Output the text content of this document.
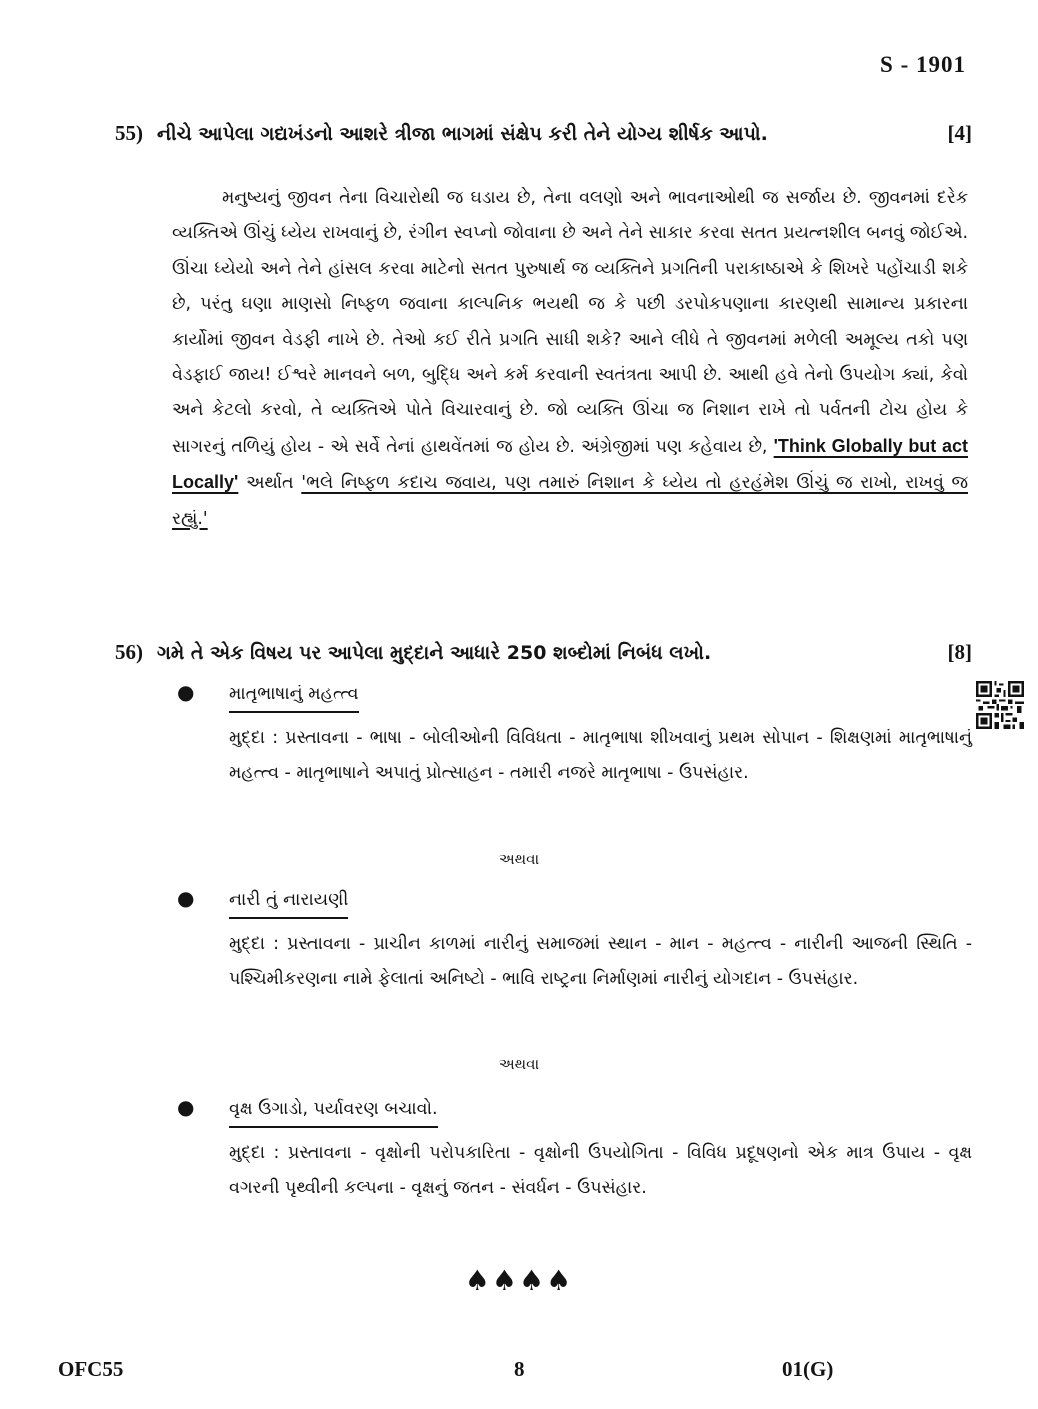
S - 1901
55) નીચે આપેલા ગદ્યખંડનો આશરે ત્રીજા ભાગમાં સંક્ષેપ કરી તેને યોગ્ય શીર્ષક આપો.	[4]

મનુષ્યનું જીવન તેના વિચારોથી જ ઘડાય છે, તેના વલણો અને ભાવનાઓથી જ સર્જાય છે. જીવનમાં દરેક વ્યક્તિએ ઊંચું ધ્યેય રાખવાનું છે, રંગીન સ્વપ્નો જોવાના છે અને તેને સાકાર કરવા સતત પ્રયત્નશીલ બનવું જોઈએ. ઊંચા ધ્યેયો અને તેને હાંસલ કરવા માટેનો સતત પુરુષાર્થ જ વ્યક્તિને પ્રગતિની પરાકાષ્ઠાએ કે શિખરે પહોંચાડી શકે છે, પરંતુ ઘણા માણસો નિષ્ફળ જવાના કાલ્પનિક ભયથી જ કે પછી ડરપોકપણાના કારણથી સામાન્ય પ્રકારના કાર્યોમાં જીવન વેડફી નાખે છે. તેઓ કઈ રીતે પ્રગતિ સાધી શકે? આને લીધે તે જીવનમાં મળેલી અમૂલ્ય તકો પણ વેડફાઈ જાય! ઈશ્વરે માનવને બળ, બુદ્ધિ અને કર્મ કરવાની સ્વતંત્રતા આપી છે. આથી હવે તેનો ઉપયોગ ક્યાં, કેવો અને કેટલો કરવો, તે વ્યક્તિએ પોતે વિચારવાનું છે. જો વ્યક્તિ ઊંચા જ નિશાન રાખે તો પર્વતની ટોચ હોય કે સાગરનું તળિયું હોય - એ સર્વે તેનાં હાથવેંતમાં જ હોય છે. અંગ્રેજીમાં પણ કહેવાય છે, 'Think Globally but act Locally' અર્થાત 'ભલે નિષ્ફળ કદાચ જવાય, પણ તમારું નિશાન કે ધ્યેય તો હરહંમેશ ઊંચું જ રાખો, રાખવું જ રહ્યું.'

56) ગમે તે એક વિષય પર આપેલા મુદ્દાને આધારે 250 શબ્દોમાં નિબંધ લખો.	[8]
●	માતૃભાષાનું મહત્ત્વ
મુદ્દા : પ્રસ્તાવના - ભાષા - બોલીઓની વિવિધતા - માતૃભાષા શીખવાનું પ્રથમ સોપાન - શિક્ષણમાં માતૃભાષાનું મહત્ત્વ - માતૃભાષાને અપાતું પ્રોત્સાહન - તમારી નજરે માતૃભાષા - ઉપસંહાર.
અથવા
●	નારી તું નારાયણી
મુદ્દા : પ્રસ્તાવના - પ્રાચીન કાળમાં નારીનું સમાજમાં સ્થાન - માન - મહત્ત્વ - નારીની આજની સ્થિતિ - પશ્ચિમીકરણના નામે ફેલાતાં અનિષ્ટો - ભાવિ રાષ્ટ્રના નિર્માણમાં નારીનું યોગદાન - ઉપસંહાર.
અથવા
●	વૃક્ષ ઉગાડો, પર્યાવરણ બચાવો.
મુદ્દા : પ્રસ્તાવના - વૃક્ષોની પરોપકારિતા - વૃક્ષોની ઉપયોગિતા - વિવિધ પ્રદૂષણનો એક માત્ર ઉપાય - વૃક્ષ વગરની પૃથ્વીની કલ્પના - વૃક્ષનું જતન - સંવર્ધન - ઉપસંહાર.
♠♠♠♠
OFC55	8	01(G)
